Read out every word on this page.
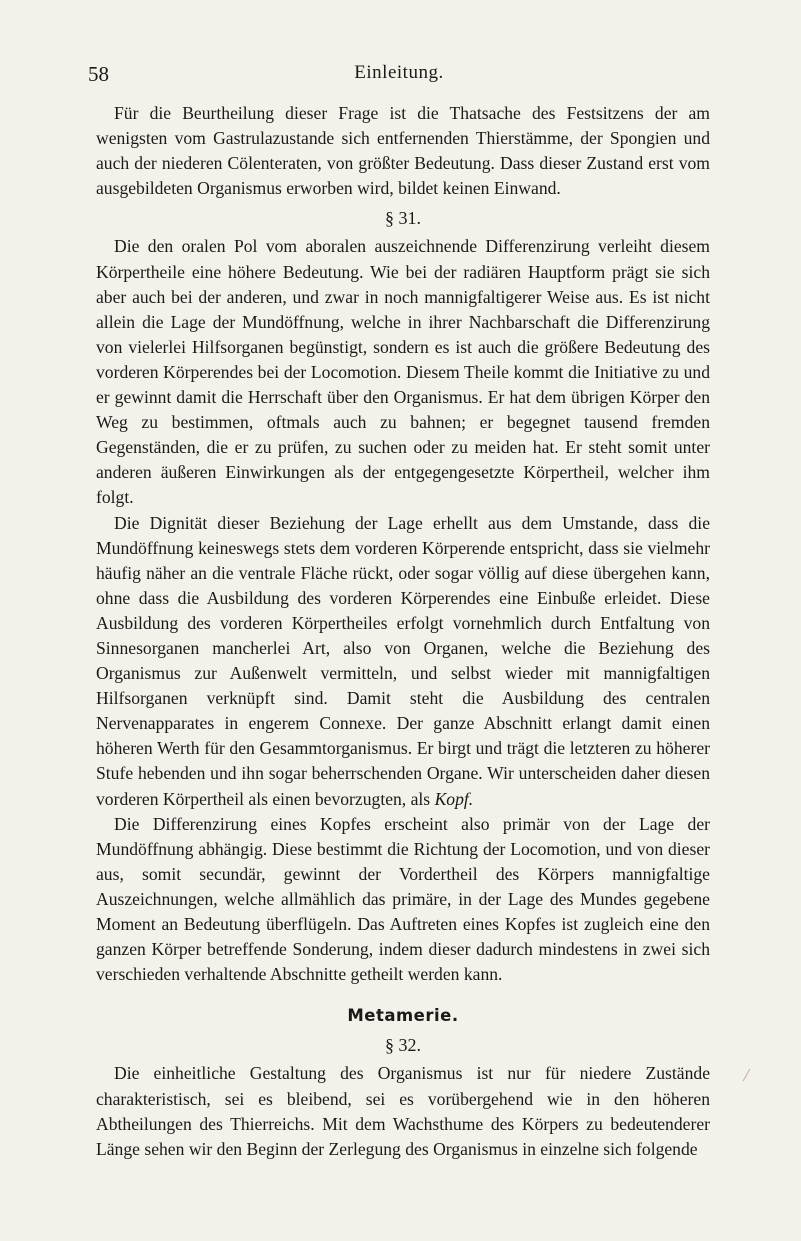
58	Einleitung.

Für die Beurtheilung dieser Frage ist die Thatsache des Festsitzens der am wenigsten vom Gastrulazustande sich entfernenden Thierstämme, der Spongien und auch der niederen Cölenteraten, von größter Bedeutung. Dass dieser Zustand erst vom ausgebildeten Organismus erworben wird, bildet keinen Einwand.

§ 31.

Die den oralen Pol vom aboralen auszeichnende Differenzirung verleiht diesem Körpertheile eine höhere Bedeutung. Wie bei der radiären Hauptform prägt sie sich aber auch bei der anderen, und zwar in noch mannigfaltigerer Weise aus. Es ist nicht allein die Lage der Mundöffnung, welche in ihrer Nachbarschaft die Differenzirung von vielerlei Hilfsorganen begünstigt, sondern es ist auch die größere Bedeutung des vorderen Körperendes bei der Locomotion. Diesem Theile kommt die Initiative zu und er gewinnt damit die Herrschaft über den Organismus. Er hat dem übrigen Körper den Weg zu bestimmen, oftmals auch zu bahnen; er begegnet tausend fremden Gegenständen, die er zu prüfen, zu suchen oder zu meiden hat. Er steht somit unter anderen äußeren Einwirkungen als der entgegengesetzte Körpertheil, welcher ihm folgt.

Die Dignität dieser Beziehung der Lage erhellt aus dem Umstande, dass die Mundöffnung keineswegs stets dem vorderen Körperende entspricht, dass sie vielmehr häufig näher an die ventrale Fläche rückt, oder sogar völlig auf diese übergehen kann, ohne dass die Ausbildung des vorderen Körperendes eine Einbuße erleidet. Diese Ausbildung des vorderen Körpertheiles erfolgt vornehmlich durch Entfaltung von Sinnesorganen mancherlei Art, also von Organen, welche die Beziehung des Organismus zur Außenwelt vermitteln, und selbst wieder mit mannigfaltigen Hilfsorganen verknüpft sind. Damit steht die Ausbildung des centralen Nervenapparates in engerem Connexe. Der ganze Abschnitt erlangt damit einen höheren Werth für den Gesammtorganismus. Er birgt und trägt die letzteren zu höherer Stufe hebenden und ihn sogar beherrschenden Organe. Wir unterscheiden daher diesen vorderen Körpertheil als einen bevorzugten, als Kopf.

Die Differenzirung eines Kopfes erscheint also primär von der Lage der Mundöffnung abhängig. Diese bestimmt die Richtung der Locomotion, und von dieser aus, somit secundär, gewinnt der Vordertheil des Körpers mannigfaltige Auszeichnungen, welche allmählich das primäre, in der Lage des Mundes gegebene Moment an Bedeutung überflügeln. Das Auftreten eines Kopfes ist zugleich eine den ganzen Körper betreffende Sonderung, indem dieser dadurch mindestens in zwei sich verschieden verhaltende Abschnitte getheilt werden kann.

Metamerie.
§ 32.

Die einheitliche Gestaltung des Organismus ist nur für niedere Zustände charakteristisch, sei es bleibend, sei es vorübergehend wie in den höheren Abtheilungen des Thierreichs. Mit dem Wachsthume des Körpers zu bedeutenderer Länge sehen wir den Beginn der Zerlegung des Organismus in einzelne sich folgende
